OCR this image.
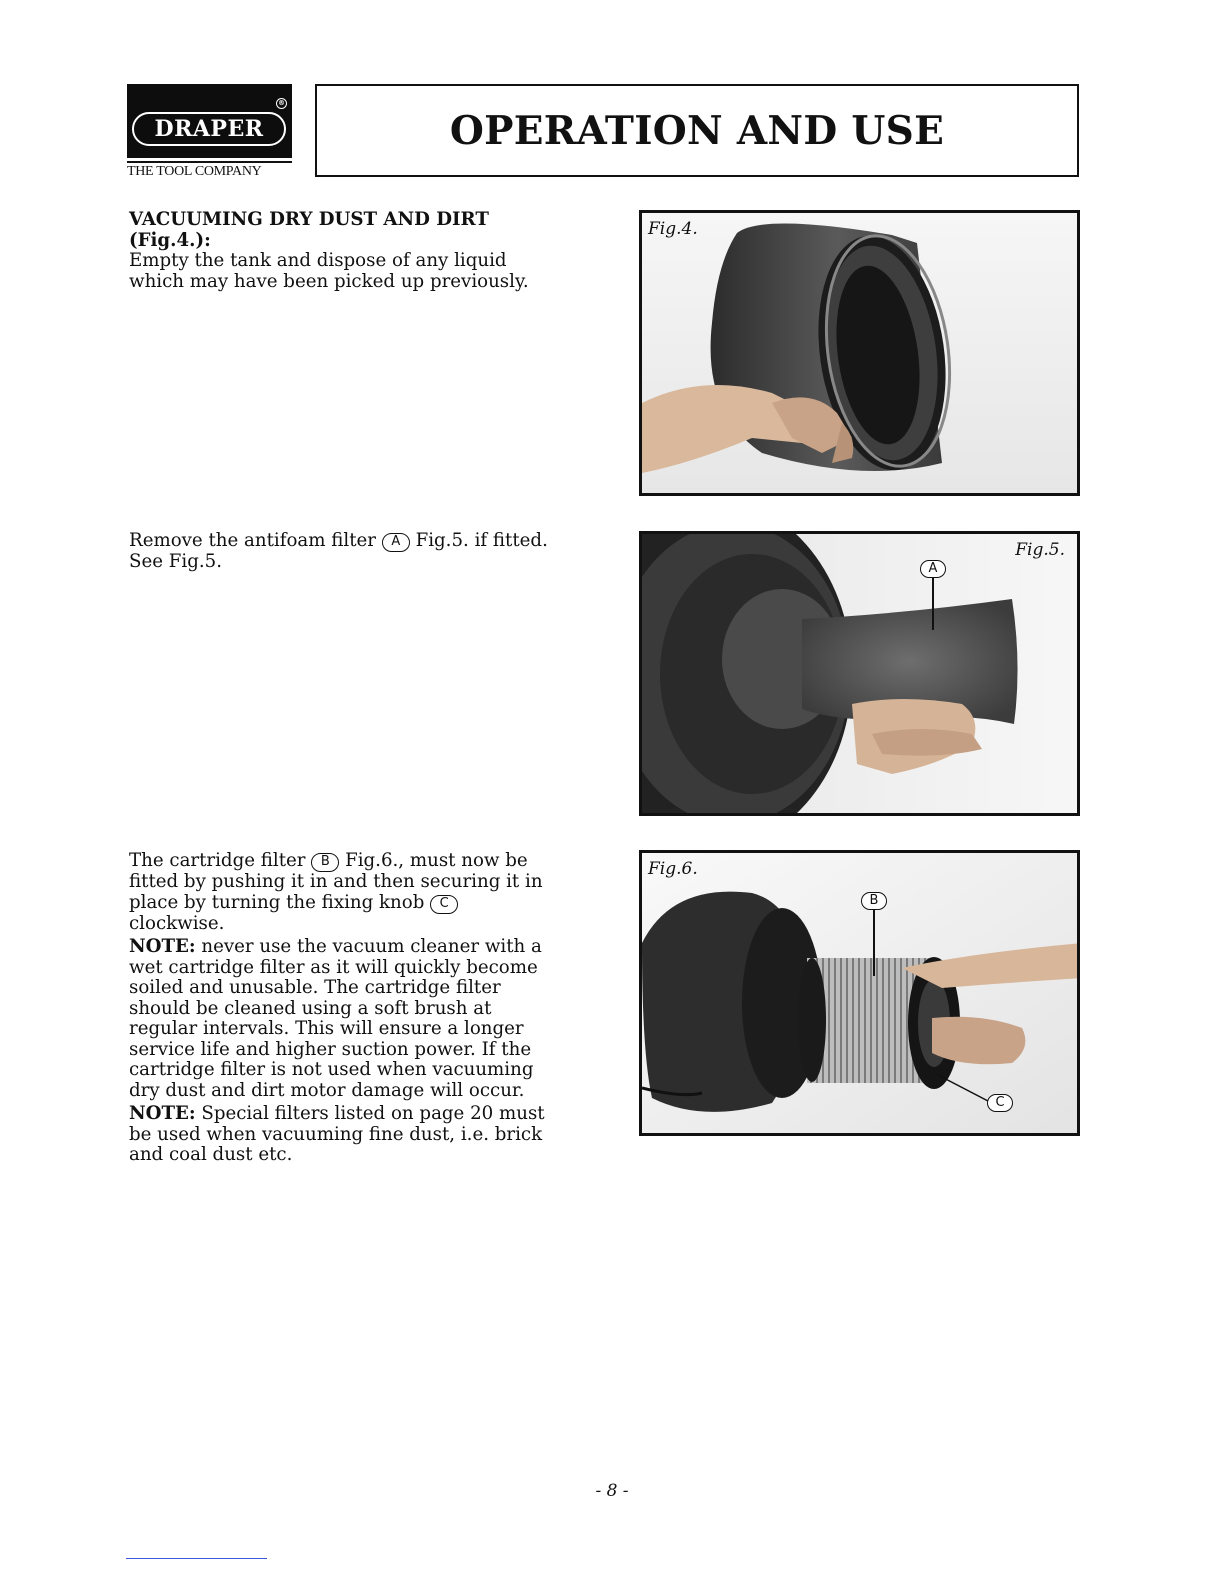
®
DRAPER
THE TOOL COMPANY
OPERATION AND USE

VACUUMING DRY DUST AND DIRT

(Fig.4.):

Empty the tank and dispose of any liquid

which may have been picked up previously.

Remove the antifoam filter A Fig.5. if fitted.

See Fig.5.

The cartridge filter B Fig.6., must now be

fitted by pushing it in and then securing it in

place by turning the fixing knob C

clockwise.

NOTE: never use the vacuum cleaner with a

wet cartridge filter as it will quickly become

soiled and unusable. The cartridge filter

should be cleaned using a soft brush at

regular intervals. This will ensure a longer

service life and higher suction power. If the

cartridge filter is not used when vacuuming

dry dust and dirt motor damage will occur.

NOTE: Special filters listed on page 20 must

be used when vacuuming fine dust, i.e. brick

and coal dust etc.

Fig.4.
Fig.5.
A
Fig.6.
B
C
- 8 -
